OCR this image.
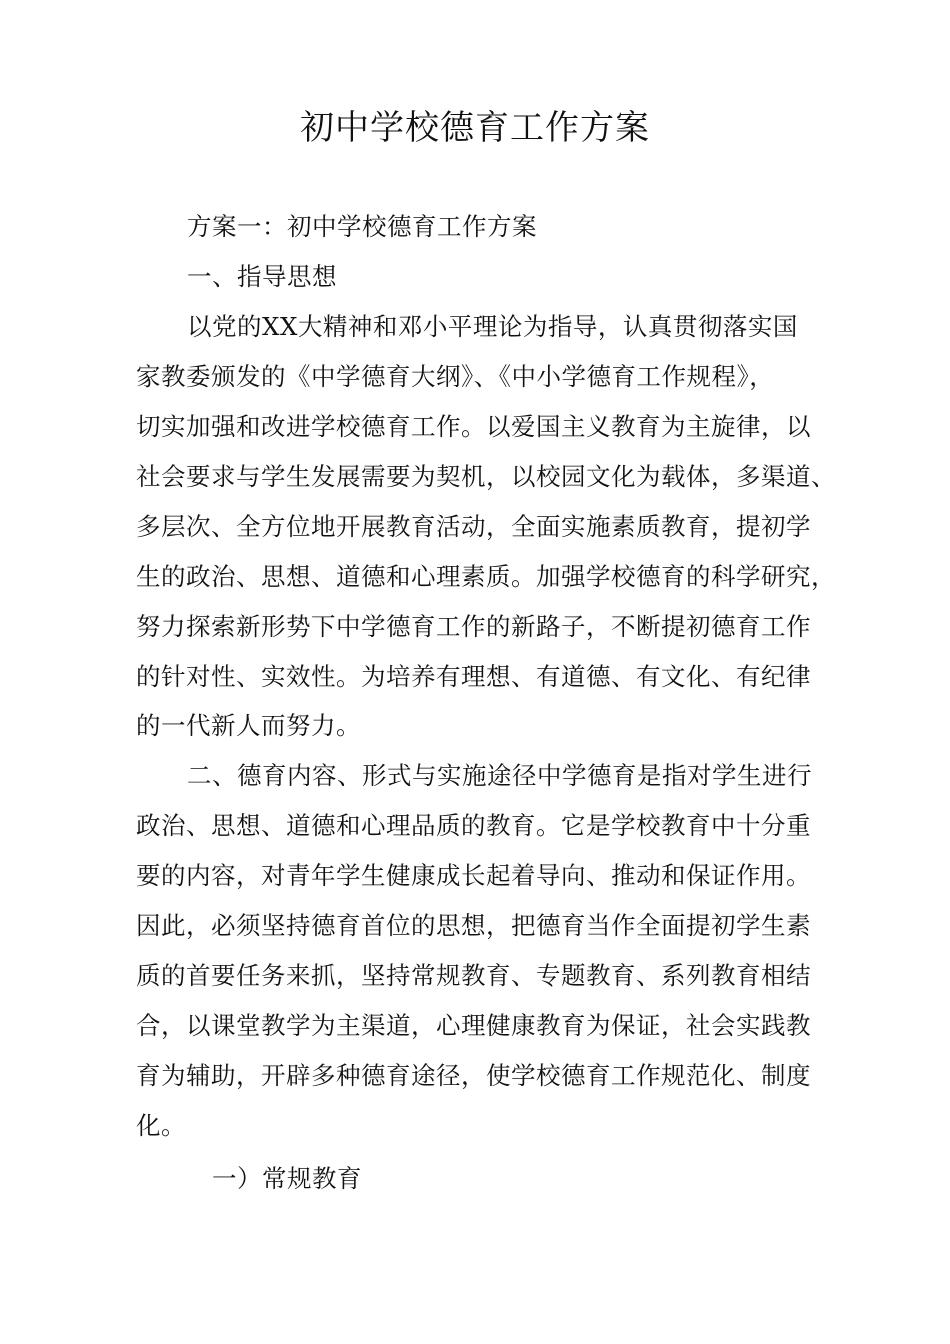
初中学校德育工作方案

方案一：初中学校德育工作方案

一、指导思想

以党的XX大精神和邓小平理论为指导，认真贯彻落实国

家教委颁发的《中学德育大纲》、《中小学德育工作规程》，

切实加强和改进学校德育工作。以爱国主义教育为主旋律，以

社会要求与学生发展需要为契机，以校园文化为载体，多渠道、

多层次、全方位地开展教育活动，全面实施素质教育，提初学

生的政治、思想、道德和心理素质。加强学校德育的科学研究，

努力探索新形势下中学德育工作的新路子，不断提初德育工作

的针对性、实效性。为培养有理想、有道德、有文化、有纪律

的一代新人而努力。

二、德育内容、形式与实施途径中学德育是指对学生进行

政治、思想、道德和心理品质的教育。它是学校教育中十分重

要的内容，对青年学生健康成长起着导向、推动和保证作用。

因此，必须坚持德育首位的思想，把德育当作全面提初学生素

质的首要任务来抓，坚持常规教育、专题教育、系列教育相结

合，以课堂教学为主渠道，心理健康教育为保证，社会实践教

育为辅助，开辟多种德育途径，使学校德育工作规范化、制度

化。

一）常规教育
